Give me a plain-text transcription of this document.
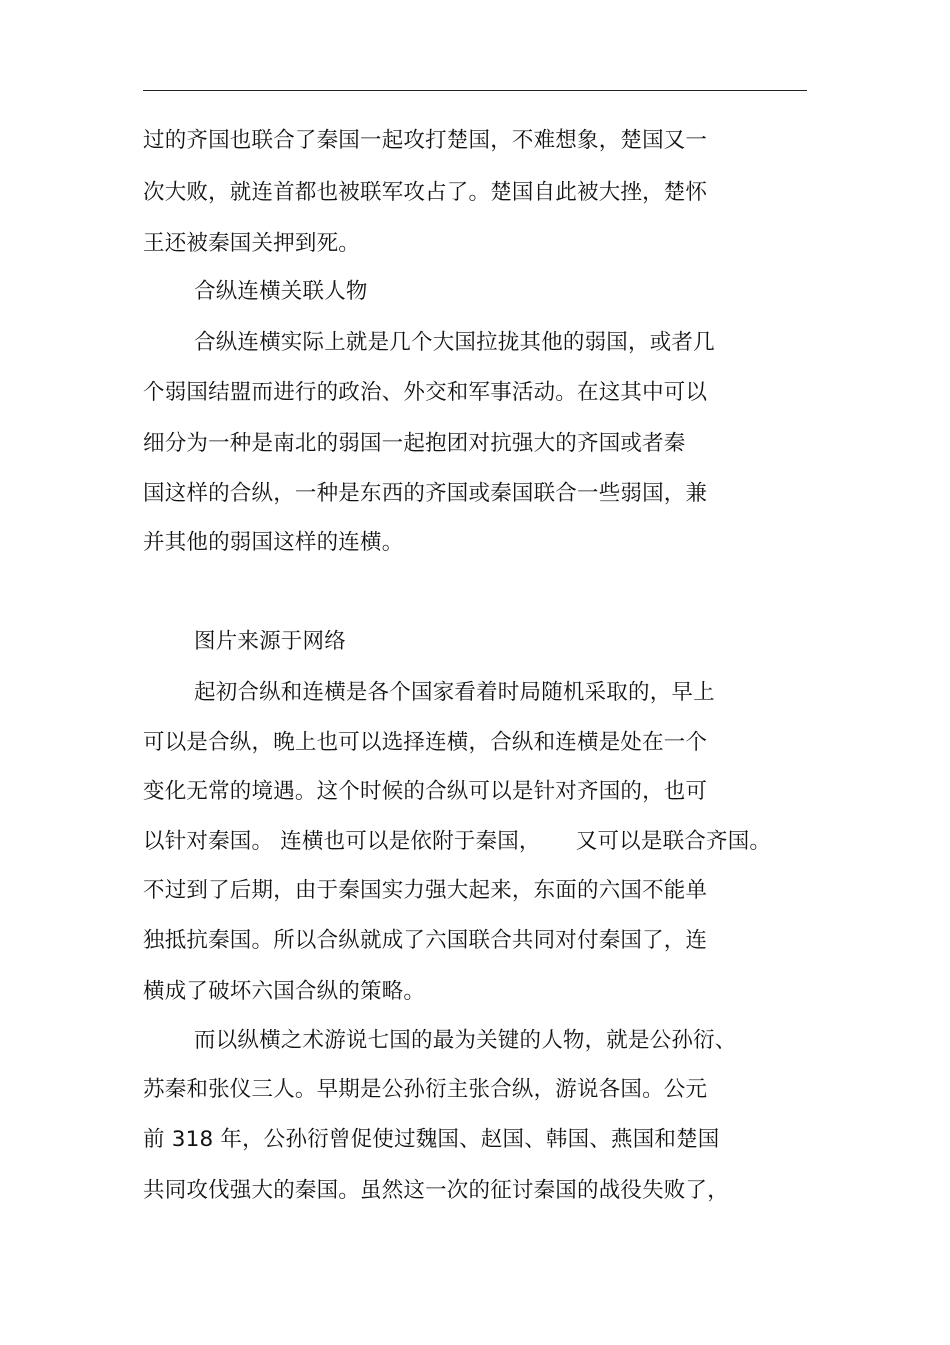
过的齐国也联合了秦国一起攻打楚国，不难想象，楚国又一
次大败，就连首都也被联军攻占了。楚国自此被大挫，楚怀
王还被秦国关押到死。
合纵连横关联人物
合纵连横实际上就是几个大国拉拢其他的弱国，或者几
个弱国结盟而进行的政治、外交和军事活动。在这其中可以
细分为一种是南北的弱国一起抱团对抗强大的齐国或者秦
国这样的合纵，一种是东西的齐国或秦国联合一些弱国，兼
并其他的弱国这样的连横。
图片来源于网络
起初合纵和连横是各个国家看着时局随机采取的，早上
可以是合纵，晚上也可以选择连横，合纵和连横是处在一个
变化无常的境遇。这个时候的合纵可以是针对齐国的，也可
以针对秦国。 连横也可以是依附于秦国，     又可以是联合齐国。
不过到了后期，由于秦国实力强大起来，东面的六国不能单
独抵抗秦国。所以合纵就成了六国联合共同对付秦国了，连
横成了破坏六国合纵的策略。
而以纵横之术游说七国的最为关键的人物，就是公孙衍、
苏秦和张仪三人。早期是公孙衍主张合纵，游说各国。公元
前 318 年，公孙衍曾促使过魏国、赵国、韩国、燕国和楚国
共同攻伐强大的秦国。虽然这一次的征讨秦国的战役失败了，
